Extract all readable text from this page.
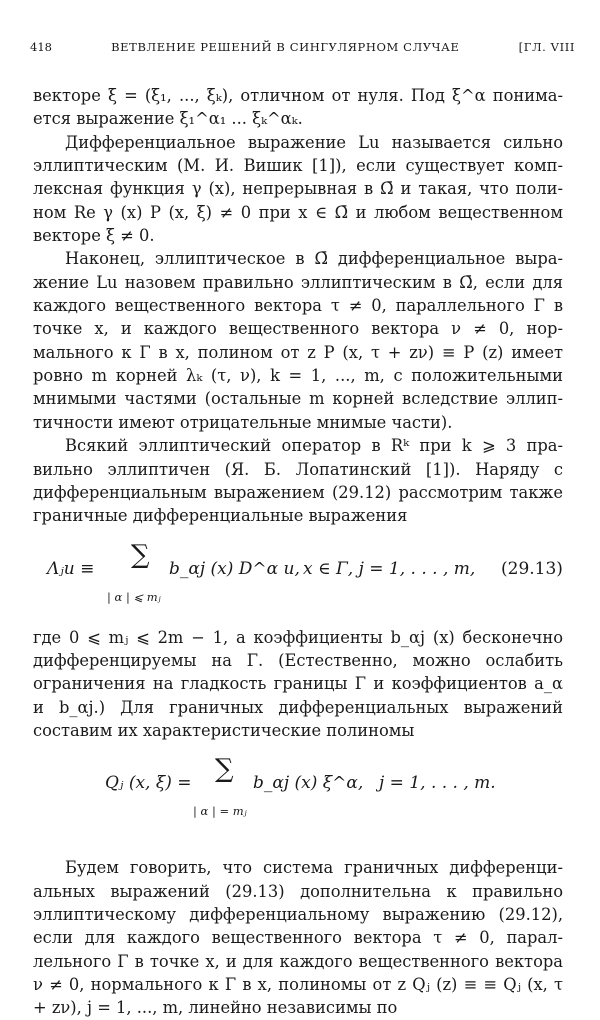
418	ВЕТВЛЕНИЕ РЕШЕНИЙ В СИНГУЛЯРНОМ СЛУЧАЕ	[ГЛ. VIII

векторе ξ = (ξ₁, ..., ξₖ), отличном от нуля. Под ξ^α понимается выражение ξ₁^α₁ ... ξₖ^αₖ.

Дифференциальное выражение Lu называется сильно эллиптическим (М. И. Вишик [1]), если существует комплексная функция γ (x), непрерывная в Ω̄ и такая, что полином Re γ (x) P (x, ξ) ≠ 0 при x ∈ Ω̄ и любом вещественном векторе ξ ≠ 0.

Наконец, эллиптическое в Ω̄ дифференциальное выражение Lu назовем правильно эллиптическим в Ω̄, если для каждого вещественного вектора τ ≠ 0, параллельного Γ в точке x, и каждого вещественного вектора ν ≠ 0, нормального к Γ в x, полином от z P (x, τ + zν) ≡ P (z) имеет ровно m корней λₖ (τ, ν), k = 1, ..., m, с положительными мнимыми частями (остальные m корней вследствие эллиптичности имеют отрицательные мнимые части).

Всякий эллиптический оператор в Rᵏ при k ⩾ 3 правильно эллиптичен (Я. Б. Лопатинский [1]). Наряду с дифференциальным выражением (29.12) рассмотрим также граничные дифференциальные выражения

Λⱼu ≡ ∑ b_αj (x) D^α u,
| α | ⩽ mⱼ
x ∈ Γ, j = 1, . . . , m, (29.13)

где 0 ⩽ mⱼ ⩽ 2m − 1, а коэффициенты b_αj (x) бесконечно дифференцируемы на Γ. (Естественно, можно ослабить ограничения на гладкость границы Γ и коэффициентов a_α и b_αj.) Для граничных дифференциальных выражений составим их характеристические полиномы

Qⱼ (x, ξ) = ∑ b_αj (x) ξ^α,
| α | = mⱼ
j = 1, . . . , m.

Будем говорить, что система граничных дифференциальных выражений (29.13) дополнительна к правильно эллиптическому дифференциальному выражению (29.12), если для каждого вещественного вектора τ ≠ 0, параллельного Γ в точке x, и для каждого вещественного вектора ν ≠ 0, нормального к Γ в x, полиномы от z Qⱼ (z) ≡ ≡ Qⱼ (x, τ + zν), j = 1, ..., m, линейно независимы по
